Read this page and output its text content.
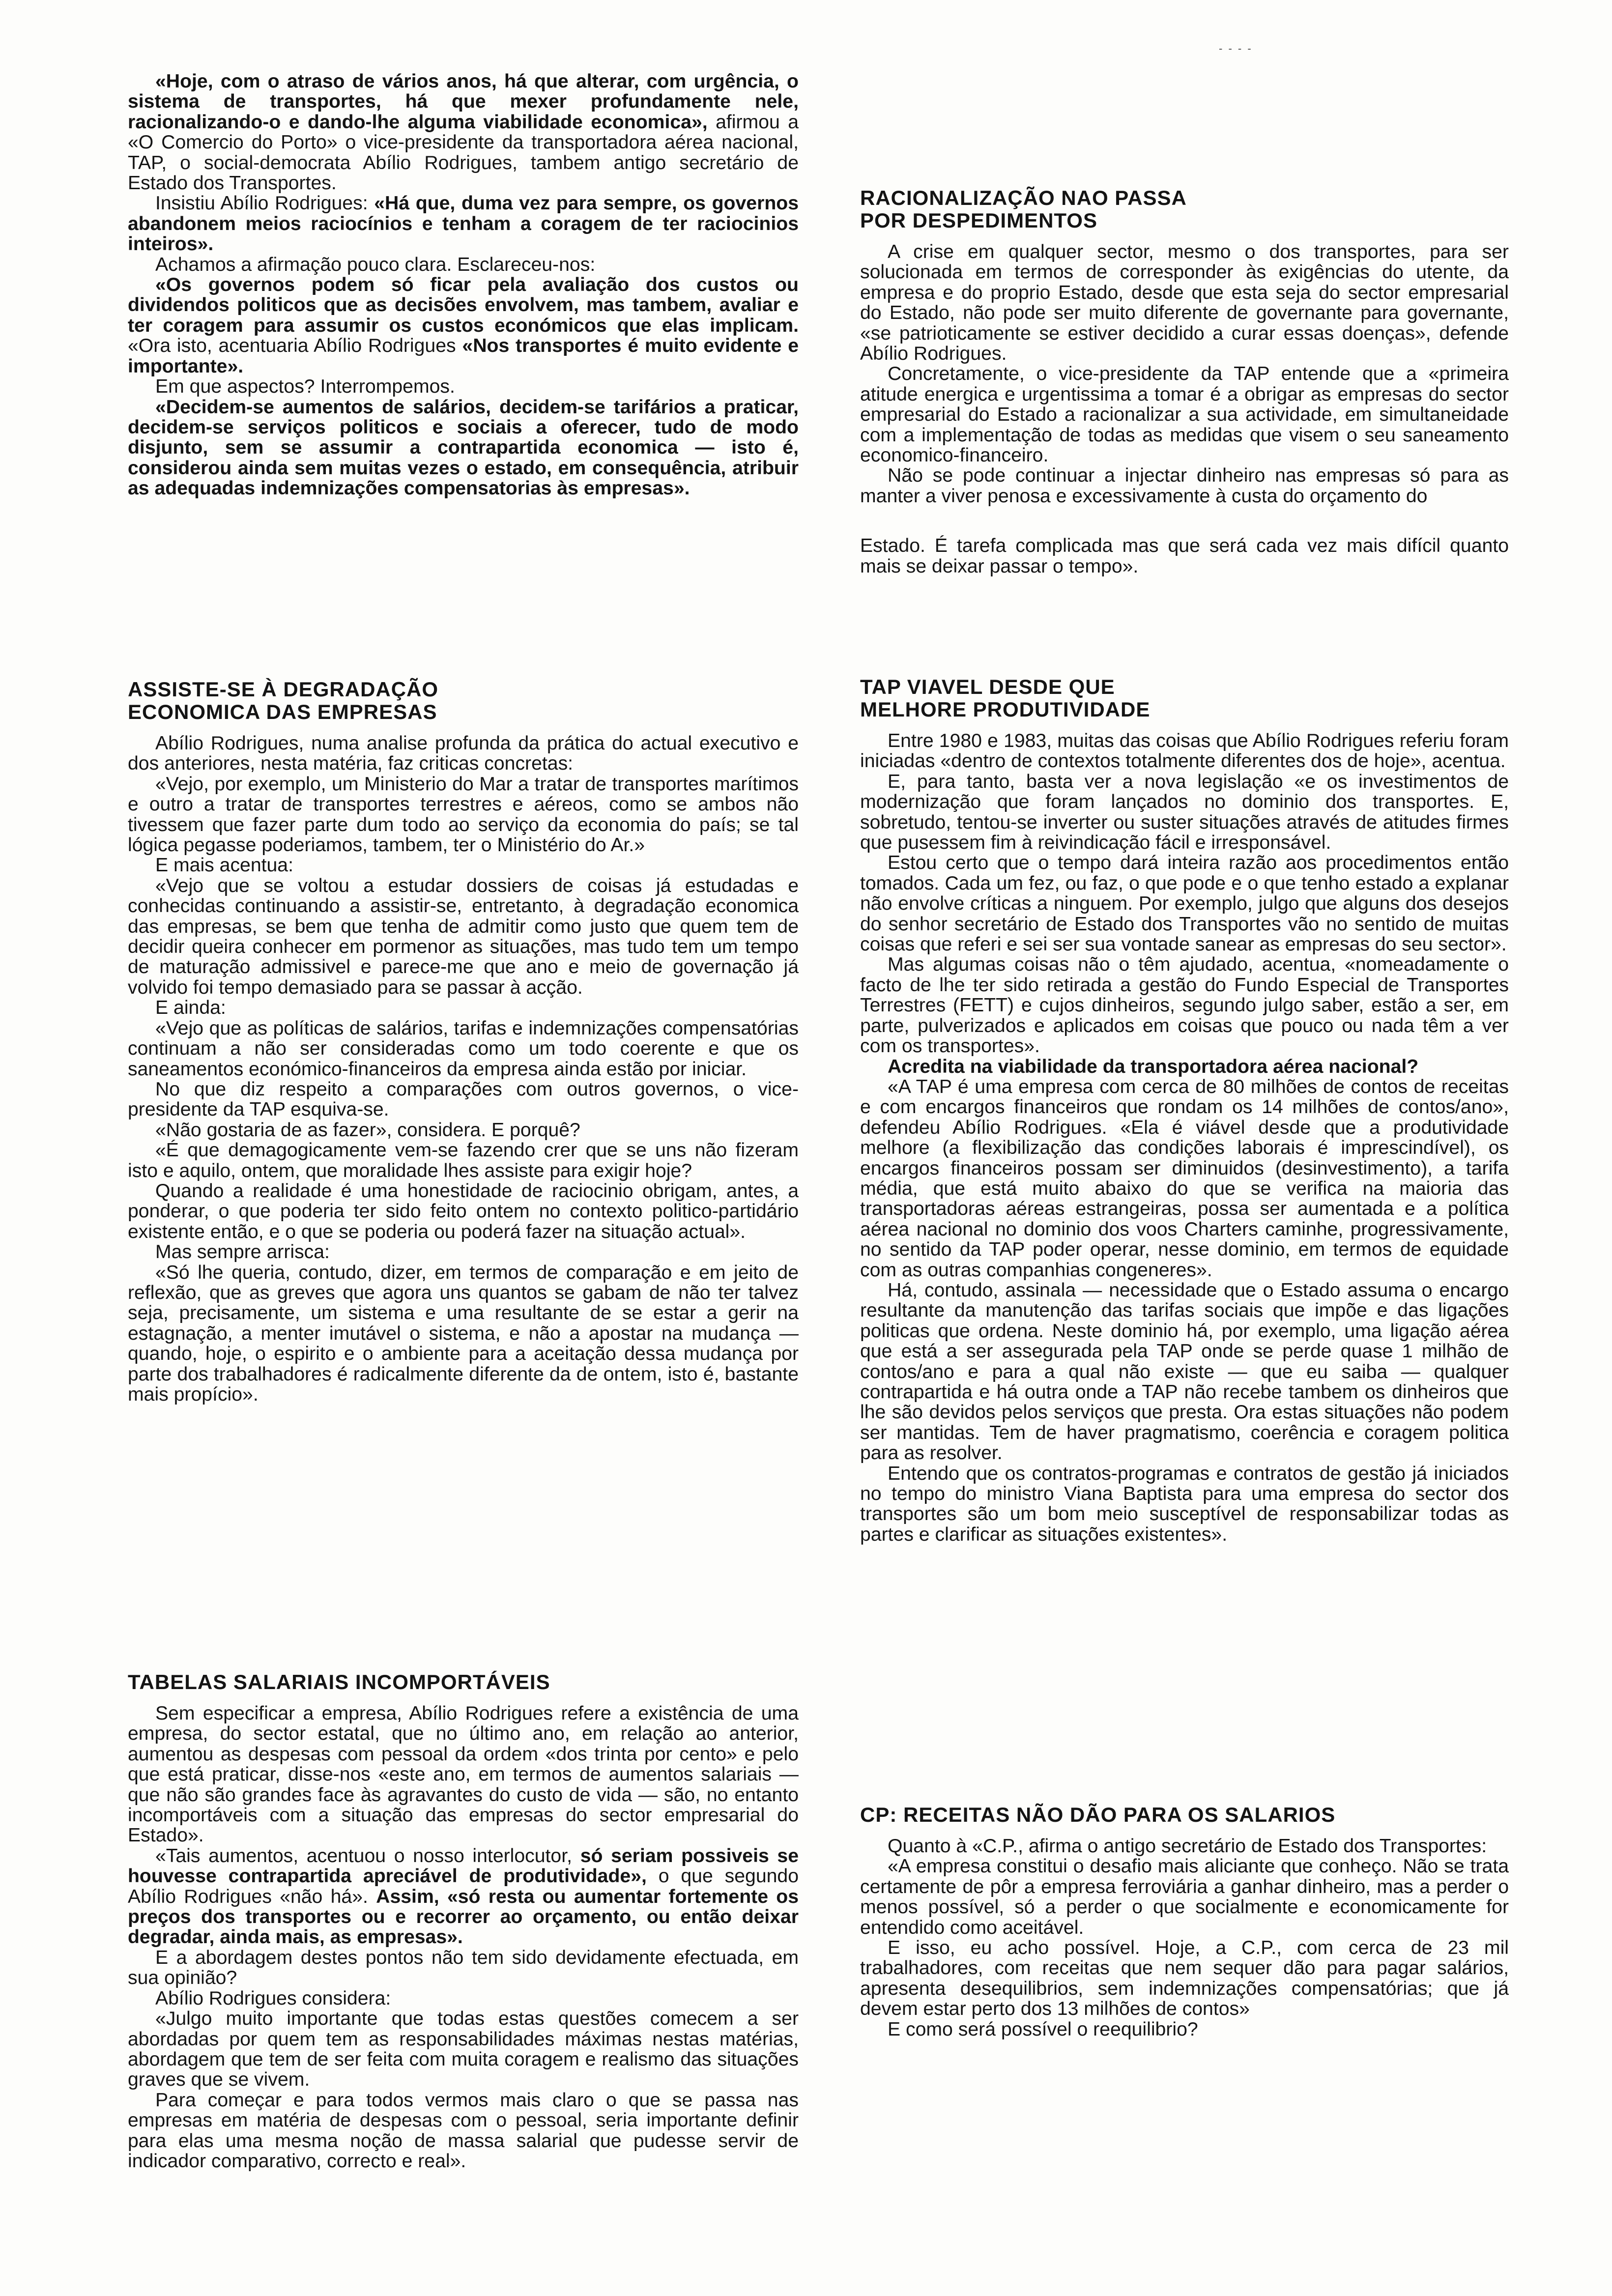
- - - -

«Hoje, com o atraso de vários anos, há que alterar, com urgência, o sistema de transportes, há que mexer profundamente nele, racionalizando-o e dando-lhe alguma viabilidade economica», afirmou a «O Comercio do Porto» o vice-presidente da transportadora aérea nacional, TAP, o social-democrata Abílio Rodrigues, tambem antigo secretário de Estado dos Transportes.

Insistiu Abílio Rodrigues: «Há que, duma vez para sempre, os governos abandonem meios raciocínios e tenham a coragem de ter raciocinios inteiros».

Achamos a afirmação pouco clara. Esclareceu-nos:

«Os governos podem só ficar pela avaliação dos custos ou dividendos politicos que as decisões envolvem, mas tambem, avaliar e ter coragem para assumir os custos económicos que elas implicam. «Ora isto, acentuaria Abílio Rodrigues «Nos transportes é muito evidente e importante».

Em que aspectos? Interrompemos.

«Decidem-se aumentos de salários, decidem-se tarifários a praticar, decidem-se serviços politicos e sociais a oferecer, tudo de modo disjunto, sem se assumir a contrapartida economica — isto é, considerou ainda sem muitas vezes o estado, em consequência, atribuir as adequadas indemnizações compensatorias às empresas».

ASSISTE-SE À DEGRADAÇÃO
ECONOMICA DAS EMPRESAS

Abílio Rodrigues, numa analise profunda da prática do actual executivo e dos anteriores, nesta matéria, faz criticas concretas:

«Vejo, por exemplo, um Ministerio do Mar a tratar de transportes marítimos e outro a tratar de transportes terrestres e aéreos, como se ambos não tivessem que fazer parte dum todo ao serviço da economia do país; se tal lógica pegasse poderiamos, tambem, ter o Ministério do Ar.»

E mais acentua:

«Vejo que se voltou a estudar dossiers de coisas já estudadas e conhecidas continuando a assistir-se, entretanto, à degradação economica das empresas, se bem que tenha de admitir como justo que quem tem de decidir queira conhecer em pormenor as situações, mas tudo tem um tempo de maturação admissivel e parece-me que ano e meio de governação já volvido foi tempo demasiado para se passar à acção.

E ainda:

«Vejo que as políticas de salários, tarifas e indemnizações compensatórias continuam a não ser consideradas como um todo coerente e que os saneamentos económico-financeiros da empresa ainda estão por iniciar.

No que diz respeito a comparações com outros governos, o vice-presidente da TAP esquiva-se.

«Não gostaria de as fazer», considera. E porquê?

«É que demagogicamente vem-se fazendo crer que se uns não fizeram isto e aquilo, ontem, que moralidade lhes assiste para exigir hoje?

Quando a realidade é uma honestidade de raciocinio obrigam, antes, a ponderar, o que poderia ter sido feito ontem no contexto politico-partidário existente então, e o que se poderia ou poderá fazer na situação actual».

Mas sempre arrisca:

«Só lhe queria, contudo, dizer, em termos de comparação e em jeito de reflexão, que as greves que agora uns quantos se gabam de não ter talvez seja, precisamente, um sistema e uma resultante de se estar a gerir na estagnação, a menter imutável o sistema, e não a apostar na mudança — quando, hoje, o espirito e o ambiente para a aceitação dessa mudança por parte dos trabalhadores é radicalmente diferente da de ontem, isto é, bastante mais propício».

TABELAS SALARIAIS INCOMPORTÁVEIS

Sem especificar a empresa, Abílio Rodrigues refere a existência de uma empresa, do sector estatal, que no último ano, em relação ao anterior, aumentou as despesas com pessoal da ordem «dos trinta por cento» e pelo que está praticar, disse-nos «este ano, em termos de aumentos salariais — que não são grandes face às agravantes do custo de vida — são, no entanto incomportáveis com a situação das empresas do sector empresarial do Estado».

«Tais aumentos, acentuou o nosso interlocutor, só seriam possiveis se houvesse contrapartida apreciável de produtividade», o que segundo Abílio Rodrigues «não há». Assim, «só resta ou aumentar fortemente os preços dos transportes ou e recorrer ao orçamento, ou então deixar degradar, ainda mais, as empresas».

E a abordagem destes pontos não tem sido devidamente efectuada, em sua opinião?

Abílio Rodrigues considera:

«Julgo muito importante que todas estas questões comecem a ser abordadas por quem tem as responsabilidades máximas nestas matérias, abordagem que tem de ser feita com muita coragem e realismo das situações graves que se vivem.

Para começar e para todos vermos mais claro o que se passa nas empresas em matéria de despesas com o pessoal, seria importante definir para elas uma mesma noção de massa salarial que pudesse servir de indicador comparativo, correcto e real».

RACIONALIZAÇÃO NAO PASSA
POR DESPEDIMENTOS

A crise em qualquer sector, mesmo o dos transportes, para ser solucionada em termos de corresponder às exigências do utente, da empresa e do proprio Estado, desde que esta seja do sector empresarial do Estado, não pode ser muito diferente de governante para governante, «se patrioticamente se estiver decidido a curar essas doenças», defende Abílio Rodrigues.

Concretamente, o vice-presidente da TAP entende que a «primeira atitude energica e urgentissima a tomar é a obrigar as empresas do sector empresarial do Estado a racionalizar a sua actividade, em simultaneidade com a implementação de todas as medidas que visem o seu saneamento economico-financeiro.

Não se pode continuar a injectar dinheiro nas empresas só para as manter a viver penosa e excessivamente à custa do orçamento do

Estado. É tarefa complicada mas que será cada vez mais difícil quanto mais se deixar passar o tempo».

TAP VIAVEL DESDE QUE
MELHORE PRODUTIVIDADE

Entre 1980 e 1983, muitas das coisas que Abílio Rodrigues referiu foram iniciadas «dentro de contextos totalmente diferentes dos de hoje», acentua.

E, para tanto, basta ver a nova legislação «e os investimentos de modernização que foram lançados no dominio dos transportes. E, sobretudo, tentou-se inverter ou suster situações através de atitudes firmes que pusessem fim à reivindicação fácil e irresponsável.

Estou certo que o tempo dará inteira razão aos procedimentos então tomados. Cada um fez, ou faz, o que pode e o que tenho estado a explanar não envolve críticas a ninguem. Por exemplo, julgo que alguns dos desejos do senhor secretário de Estado dos Transportes vão no sentido de muitas coisas que referi e sei ser sua vontade sanear as empresas do seu sector».

Mas algumas coisas não o têm ajudado, acentua, «nomeadamente o facto de lhe ter sido retirada a gestão do Fundo Especial de Transportes Terrestres (FETT) e cujos dinheiros, segundo julgo saber, estão a ser, em parte, pulverizados e aplicados em coisas que pouco ou nada têm a ver com os transportes».

Acredita na viabilidade da transportadora aérea nacional?

«A TAP é uma empresa com cerca de 80 milhões de contos de receitas e com encargos financeiros que rondam os 14 milhões de contos/ano», defendeu Abílio Rodrigues. «Ela é viável desde que a produtividade melhore (a flexibilização das condições laborais é imprescindível), os encargos financeiros possam ser diminuidos (desinvestimento), a tarifa média, que está muito abaixo do que se verifica na maioria das transportadoras aéreas estrangeiras, possa ser aumentada e a política aérea nacional no dominio dos voos Charters caminhe, progressivamente, no sentido da TAP poder operar, nesse dominio, em termos de equidade com as outras companhias congeneres».

Há, contudo, assinala — necessidade que o Estado assuma o encargo resultante da manutenção das tarifas sociais que impõe e das ligações politicas que ordena. Neste dominio há, por exemplo, uma ligação aérea que está a ser assegurada pela TAP onde se perde quase 1 milhão de contos/ano e para a qual não existe — que eu saiba — qualquer contrapartida e há outra onde a TAP não recebe tambem os dinheiros que lhe são devidos pelos serviços que presta. Ora estas situações não podem ser mantidas. Tem de haver pragmatismo, coerência e coragem politica para as resolver.

Entendo que os contratos-programas e contratos de gestão já iniciados no tempo do ministro Viana Baptista para uma empresa do sector dos transportes são um bom meio susceptível de responsabilizar todas as partes e clarificar as situações existentes».

CP: RECEITAS NÃO DÃO PARA OS SALARIOS

Quanto à «C.P., afirma o antigo secretário de Estado dos Transportes:

«A empresa constitui o desafio mais aliciante que conheço. Não se trata certamente de pôr a empresa ferroviária a ganhar dinheiro, mas a perder o menos possível, só a perder o que socialmente e economicamente for entendido como aceitável.

E isso, eu acho possível. Hoje, a C.P., com cerca de 23 mil trabalhadores, com receitas que nem sequer dão para pagar salários, apresenta desequilibrios, sem indemnizações compensatórias; que já devem estar perto dos 13 milhões de contos»

E como será possível o reequilibrio?
